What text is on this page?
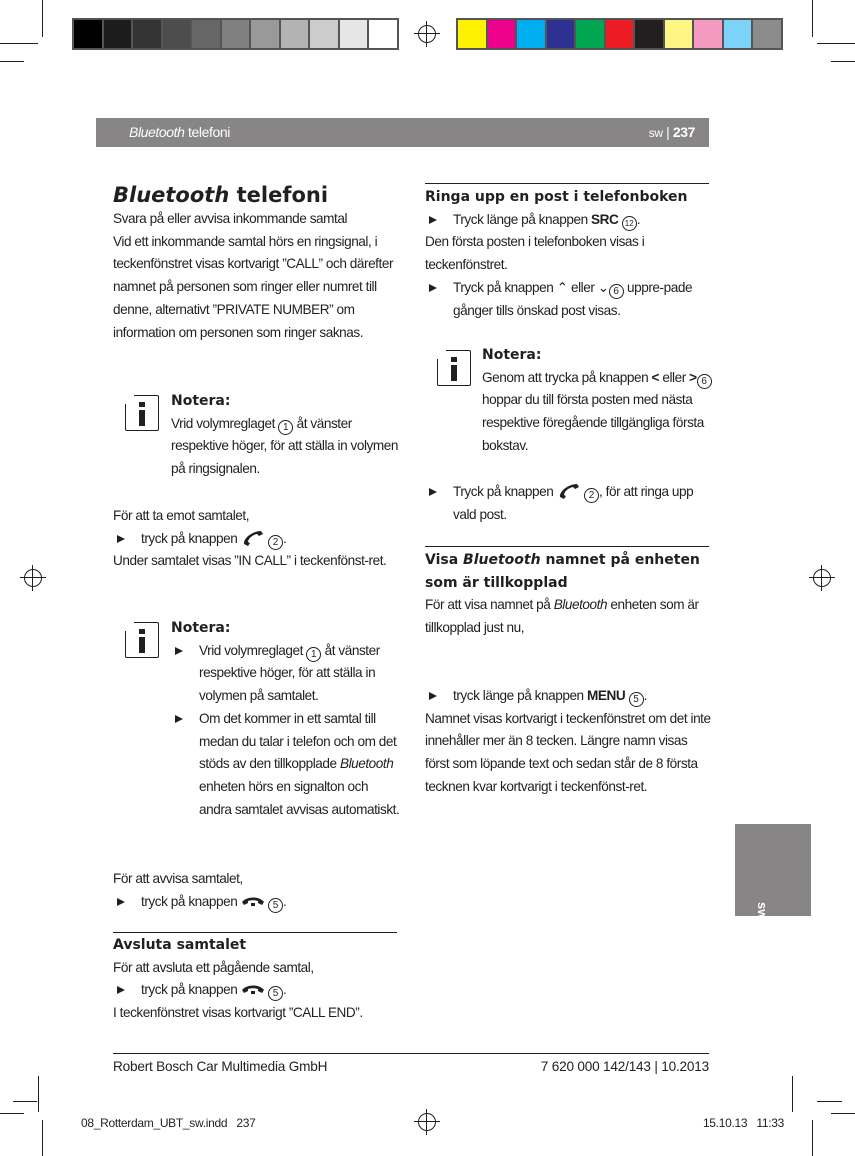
Bluetooth telefoni	sw | 237
Bluetooth telefoni
Svara på eller avvisa inkommande samtal
Vid ett inkommande samtal hörs en ringsignal, i teckenfönstret visas kortvarigt ”CALL” och därefter namnet på personen som ringer eller numret till denne, alternativt ”PRIVATE NUMBER” om information om personen som ringer saknas.
Notera:
Vrid volymreglaget 1 åt vänster respektive höger, för att ställa in volymen på ringsignalen.
För att ta emot samtalet,
tryck på knappen	2 .
Under samtalet visas ”IN CALL” i teckenfönst-ret.
Notera:
Vrid volymreglaget 1 åt vänster respektive höger, för att ställa in volymen på samtalet.
Om det kommer in ett samtal till medan du talar i telefon och om det stöds av den tillkopplade Bluetooth enheten hörs en signalton och andra samtalet avvisas automatiskt.
För att avvisa samtalet,
tryck på knappen	5 .
Avsluta samtalet
För att avsluta ett pågående samtal,
tryck på knappen	5 .
I teckenfönstret visas kortvarigt ”CALL END”.
Ringa upp en post i telefonboken
Tryck länge på knappen SRC 12 .
Den första posten i telefonboken visas i teckenfönstret.
Tryck på knappen ⌃ eller ⌄ 6 uppre-pade gånger tills önskad post visas.
Notera:
Genom att trycka på knappen < eller > 6 hoppar du till första posten med nästa respektive föregående tillgängliga första bokstav.
Tryck på knappen	2 , för att ringa upp vald post.
Visa Bluetooth namnet på enheten som är tillkopplad
För att visa namnet på Bluetooth enheten som är tillkopplad just nu,
tryck länge på knappen MENU 5 .
Namnet visas kortvarigt i teckenfönstret om det inte innehåller mer än 8 tecken. Längre namn visas först som löpande text och sedan står de 8 första tecknen kvar kortvarigt i teckenfönst-ret.
sw
Robert Bosch Car Multimedia GmbH	7 620 000 142/143 | 10.2013
08_Rotterdam_UBT_sw.indd   237	15.10.13   11:33
